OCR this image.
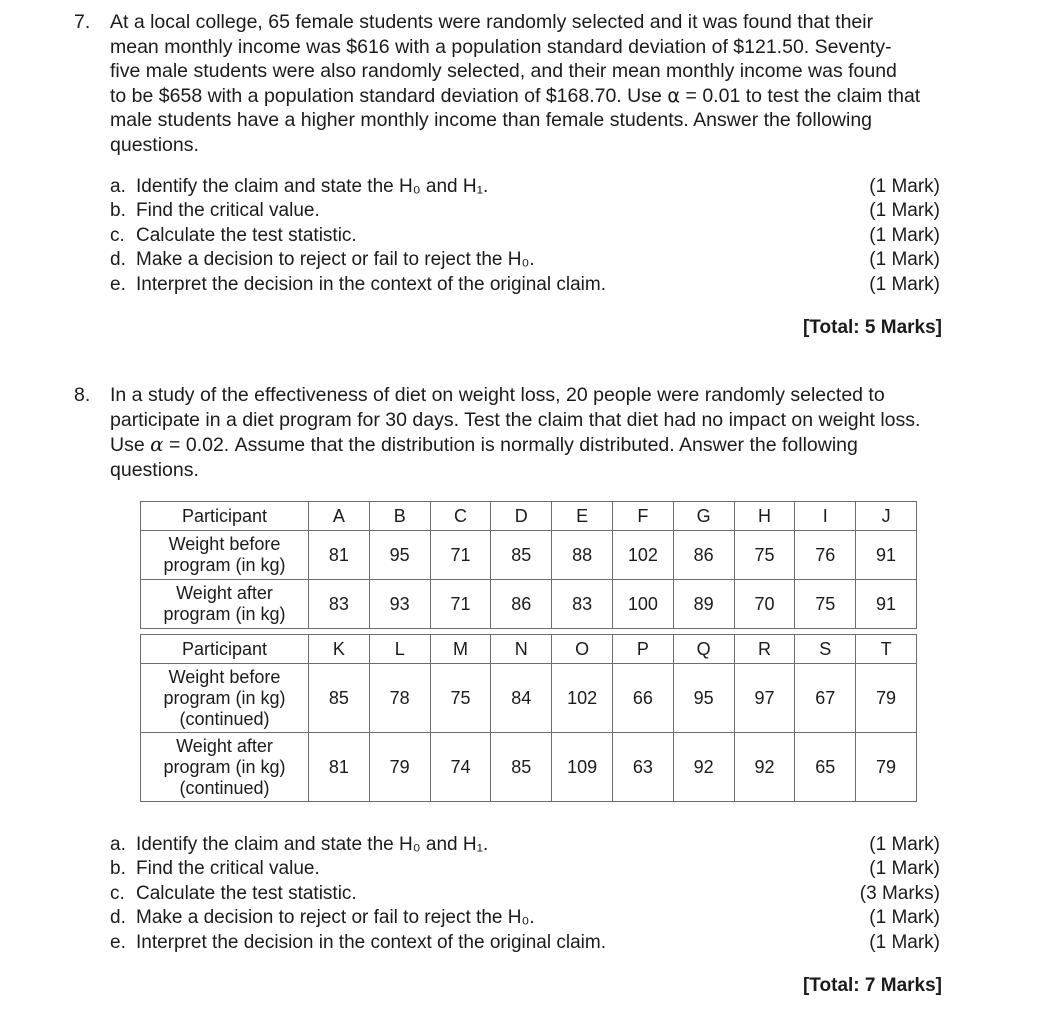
7.	At a local college, 65 female students were randomly selected and it was found that their
mean monthly income was $616 with a population standard deviation of $121.50. Seventy-
five male students were also randomly selected, and their mean monthly income was found
to be $658 with a population standard deviation of $168.70. Use α = 0.01 to test the claim that
male students have a higher monthly income than female students. Answer the following
questions.
a. Identify the claim and state the H₀ and H₁.	(1 Mark)
b. Find the critical value.	(1 Mark)
c. Calculate the test statistic.	(1 Mark)
d. Make a decision to reject or fail to reject the H₀.	(1 Mark)
e. Interpret the decision in the context of the original claim.	(1 Mark)
[Total: 5 Marks]
8.	In a study of the effectiveness of diet on weight loss, 20 people were randomly selected to
participate in a diet program for 30 days. Test the claim that diet had no impact on weight loss.
Use α = 0.02. Assume that the distribution is normally distributed. Answer the following
questions.
Participant	A	B	C	D	E	F	G	H	I	J

Weight before
program (in kg)	81	95	71	85	88	102	86	75	76	91

Weight after
program (in kg)	83	93	71	86	83	100	89	70	75	91
Participant	K	L	M	N	O	P	Q	R	S	T

Weight before
program (in kg)
(continued)	85	78	75	84	102	66	95	97	67	79

Weight after
program (in kg)
(continued)	81	79	74	85	109	63	92	92	65	79
a. Identify the claim and state the H₀ and H₁.	(1 Mark)
b. Find the critical value.	(1 Mark)
c. Calculate the test statistic.	(3 Marks)
d. Make a decision to reject or fail to reject the H₀.	(1 Mark)
e. Interpret the decision in the context of the original claim.	(1 Mark)
[Total: 7 Marks]
